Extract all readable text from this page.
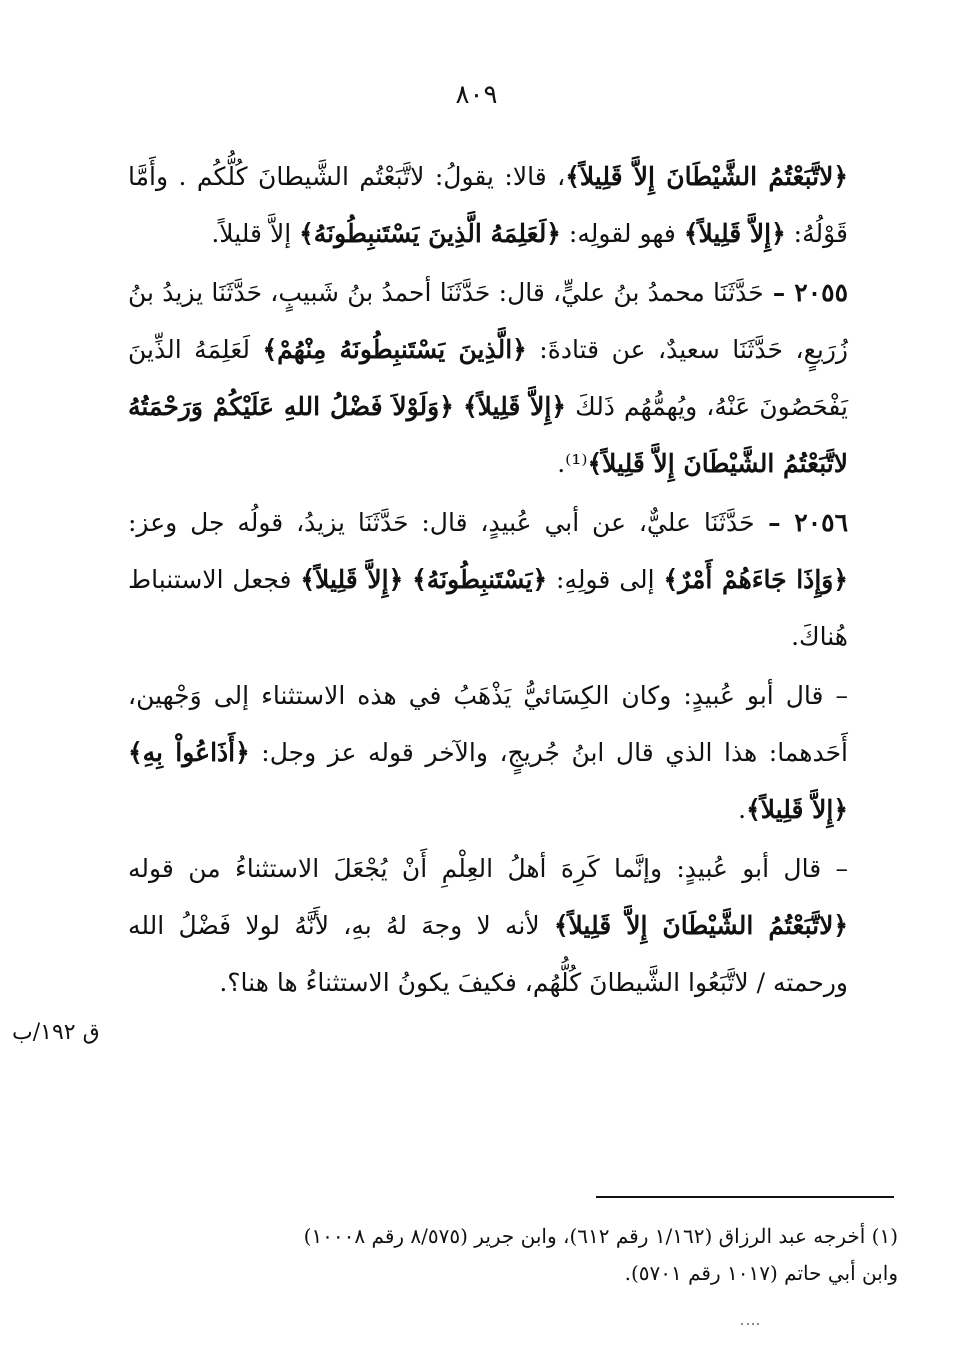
٨٠٩

﴿لاتَّبَعْتُمُ الشَّيْطَانَ إِلاَّ قَلِيلاً﴾، قالا: يقولُ: لاتَّبَعْتُم الشَّيطانَ كُلُّكُم . وأَمَّا قَوْلُهُ: ﴿إِلاَّ قَلِيلاً﴾ فهو لقولِه: ﴿لَعَلِمَهُ الَّذِينَ يَسْتَنبِطُونَهُ﴾ إلاَّ قليلاً.

٢٠٥٥ – حَدَّثَنَا محمدُ بنُ عليٍّ، قال: حَدَّثَنَا أحمدُ بنُ شَبيبٍ، حَدَّثَنَا يزيدُ بنُ زُرَيعٍ، حَدَّثَنَا سعيدٌ، عن قتادةَ: ﴿الَّذِينَ يَسْتَنبِطُونَهُ مِنْهُمْ﴾ لَعَلِمَهُ الذِّينَ يَفْحَصُونَ عَنْهُ، ويُهمُّهُم ذَلكَ ﴿إِلاَّ قَلِيلاً﴾ ﴿وَلَوْلاَ فَضْلُ اللهِ عَلَيْكُمْ وَرَحْمَتُهُ لاتَّبَعْتُمُ الشَّيْطَانَ إِلاَّ قَلِيلاً﴾⁽¹⁾.

٢٠٥٦ – حَدَّثَنَا عليٌّ، عن أبي عُبيدٍ، قال: حَدَّثَنَا يزيدُ، قولُه جل وعز: ﴿وَإِذَا جَاءَهُمْ أَمْرٌ﴾ إلى قولِهِ: ﴿يَسْتَنبِطُونَهُ﴾ ﴿إِلاَّ قَلِيلاً﴾ فجعل الاستنباط هُناكَ.

– قال أبو عُبيدٍ: وكان الكِسَائيُّ يَذْهَبُ في هذه الاستثناء إلى وَجْهين، أَحَدهما: هذا الذي قال ابنُ جُريجٍ، والآخر قوله عز وجل: ﴿أَذَاعُواْ بِهِ﴾ ﴿إِلاَّ قَلِيلاً﴾.

– قال أبو عُبيدٍ: وإنَّما كَرِهَ أهلُ العِلْمِ أَنْ يُجْعَلَ الاستثناءُ من قوله ﴿لاتَّبَعْتُمُ الشَّيْطَانَ إِلاَّ قَلِيلاً﴾ لأنه لا وجهَ لهُ بهِ، لأَنَّهُ لولا فَضْلُ الله ورحمته / لاتَّبَعُوا الشَّيطانَ كُلُّهُم، فكيفَ يكونُ الاستثناءُ ها هنا؟.

ق ١٩٢/ب
(١) أخرجه عبد الرزاق (١/١٦٢ رقم ٦١٢)، وابن جرير (٨/٥٧٥ رقم ١٠٠٠٨)
وابن أبي حاتم (١٠١٧ رقم ٥٧٠١).
